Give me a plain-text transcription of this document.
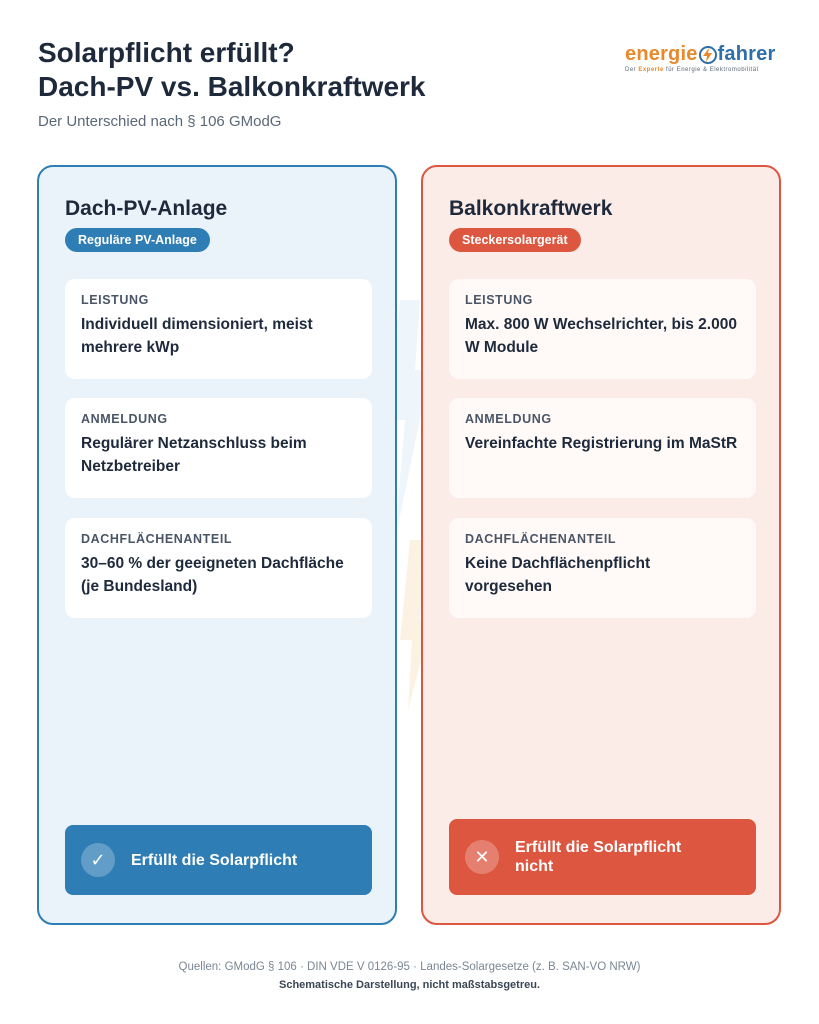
Solarpflicht erfüllt?
Dach-PV vs. Balkonkraftwerk
Der Unterschied nach § 106 GModG
energie fahrer
Der Experte für Energie & Elektromobilität
Dach-PV-Anlage
Reguläre PV-Anlage
LEISTUNG
Individuell dimensioniert, meist mehrere kWp
ANMELDUNG
Regulärer Netzanschluss beim Netzbetreiber
DACHFLÄCHENANTEIL
30–60 % der geeigneten Dachfläche (je Bundesland)
✓	Erfüllt die Solarpflicht
Balkonkraftwerk
Steckersolargerät
LEISTUNG
Max. 800 W Wechselrichter, bis 2.000 W Module
ANMELDUNG
Vereinfachte Registrierung im MaStR
DACHFLÄCHENANTEIL
Keine Dachflächenpflicht vorgesehen
✕	Erfüllt die Solarpflicht nicht
Quellen: GModG § 106 · DIN VDE V 0126-95 · Landes-Solargesetze (z. B. SAN-VO NRW)
Schematische Darstellung, nicht maßstabsgetreu.
